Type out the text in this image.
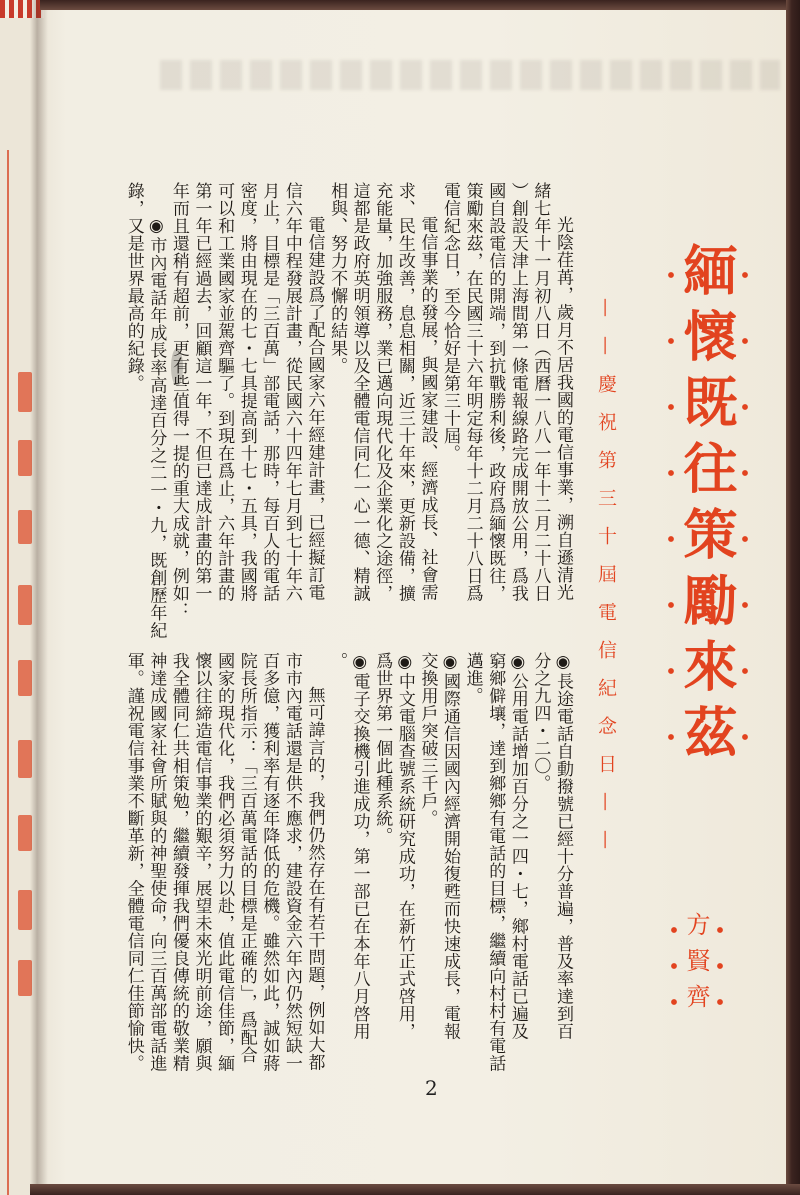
緬懷既往策勵來茲
——慶祝第三十屆電信紀念日——
方賢齊
光陰荏苒，歲月不居我國的電信事業，溯自遜清光
緒七年十一月初八日（西曆一八八一年十二月二十八日
）創設天津上海間第一條電報線路完成開放公用，爲我
國自設電信的開端，到抗戰勝利後，政府爲緬懷既往，
策勵來茲，在民國三十六年明定每年十二月二十八日爲
電信紀念日，至今恰好是第三十屆。
電信事業的發展，與國家建設、經濟成長、社會需
求、民生改善，息息相關，近三十年來，更新設備，擴
充能量，加強服務，業已邁向現代化及企業化之途徑，
這都是政府英明領導以及全體電信同仁一心一德、精誠
相與、努力不懈的結果。
電信建設爲了配合國家六年經建計畫，已經擬訂電
信六年中程發展計畫，從民國六十四年七月到七十年六
月止，目標是「三百萬」部電話，那時，每百人的電話
密度，將由現在的七・七具提高到十七・五具，我國將
可以和工業國家並駕齊驅了。到現在爲止，六年計畫的
第一年已經過去，回顧這一年，不但已達成計畫的第一
年而且還稍有超前，更有些值得一提的重大成就，例如：
◉市內電話年成長率高達百分之二一・九，既創歷年紀
錄，又是世界最高的紀錄。
◉長途電話自動撥號已經十分普遍，普及率達到百
分之九四・二〇。
◉公用電話增加百分之一四・七，鄉村電話已遍及
窮鄉僻壤，達到鄉鄉有電話的目標，繼續向村村有電話
邁進。
◉國際通信因國內經濟開始復甦而快速成長，電報
交換用戶突破三千戶。
◉中文電腦查號系統研究成功，在新竹正式啓用，
爲世界第一個此種系統。
◉電子交換機引進成功，第一部已在本年八月啓用
。
無可諱言的，我們仍然存在有若干問題，例如大都
市市內電話還是供不應求，建設資金六年內仍然短缺一
百多億，獲利率有逐年降低的危機。雖然如此，誠如蔣
院長所指示：「三百萬電話的目標是正確的」，爲配合
國家的現代化，我們必須努力以赴，值此電信佳節，緬
懷以往締造電信事業的艱辛，展望未來光明前途，願與
我全體同仁共相策勉，繼續發揮我們優良傳統的敬業精
神達成國家社會所賦與的神聖使命，向三百萬部電話進
軍。謹祝電信事業不斷革新，全體電信同仁佳節愉快。
2
